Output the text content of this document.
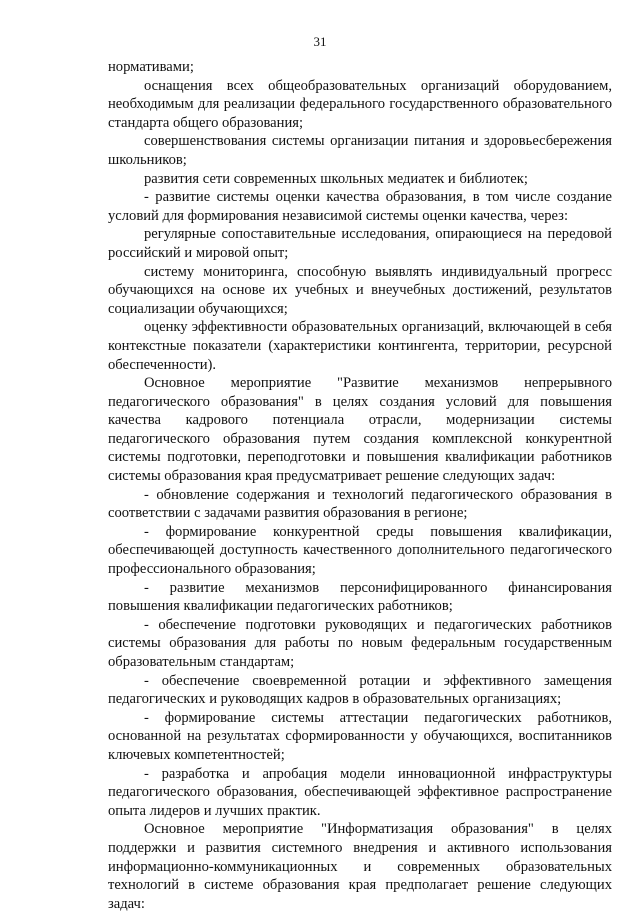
31

нормативами;

оснащения всех общеобразовательных организаций оборудованием, необходимым для реализации федерального государственного образовательного стандарта общего образования;

совершенствования системы организации питания и здоровьесбережения школьников;

развития сети современных школьных медиатек и библиотек;

- развитие системы оценки качества образования, в том числе создание условий для формирования независимой системы оценки качества, через:

регулярные сопоставительные исследования, опирающиеся на передовой российский и мировой опыт;

систему мониторинга, способную выявлять индивидуальный прогресс обучающихся на основе их учебных и внеучебных достижений, результатов социализации обучающихся;

оценку эффективности образовательных организаций, включающей в себя контекстные показатели (характеристики контингента, территории, ресурсной обеспеченности).

Основное мероприятие "Развитие механизмов непрерывного педагогического образования" в целях создания условий для повышения качества кадрового потенциала отрасли, модернизации системы педагогического образования путем создания комплексной конкурентной системы подготовки, переподготовки и повышения квалификации работников системы образования края предусматривает решение следующих задач:

- обновление содержания и технологий педагогического образования в соответствии с задачами развития образования в регионе;

- формирование конкурентной среды повышения квалификации, обеспечивающей доступность качественного дополнительного педагогического профессионального образования;

- развитие механизмов персонифицированного финансирования повышения квалификации педагогических работников;

- обеспечение подготовки руководящих и педагогических работников системы образования для работы по новым федеральным государственным образовательным стандартам;

- обеспечение своевременной ротации и эффективного замещения педагогических и руководящих кадров в образовательных организациях;

- формирование системы аттестации педагогических работников, основанной на результатах сформированности у обучающихся, воспитанников ключевых компетентностей;

- разработка и апробация модели инновационной инфраструктуры педагогического образования, обеспечивающей эффективное распространение опыта лидеров и лучших практик.

Основное мероприятие "Информатизация образования" в целях поддержки и развития системного внедрения и активного использования информационно-коммуникационных и современных образовательных технологий в системе образования края предполагает решение следующих задач:
